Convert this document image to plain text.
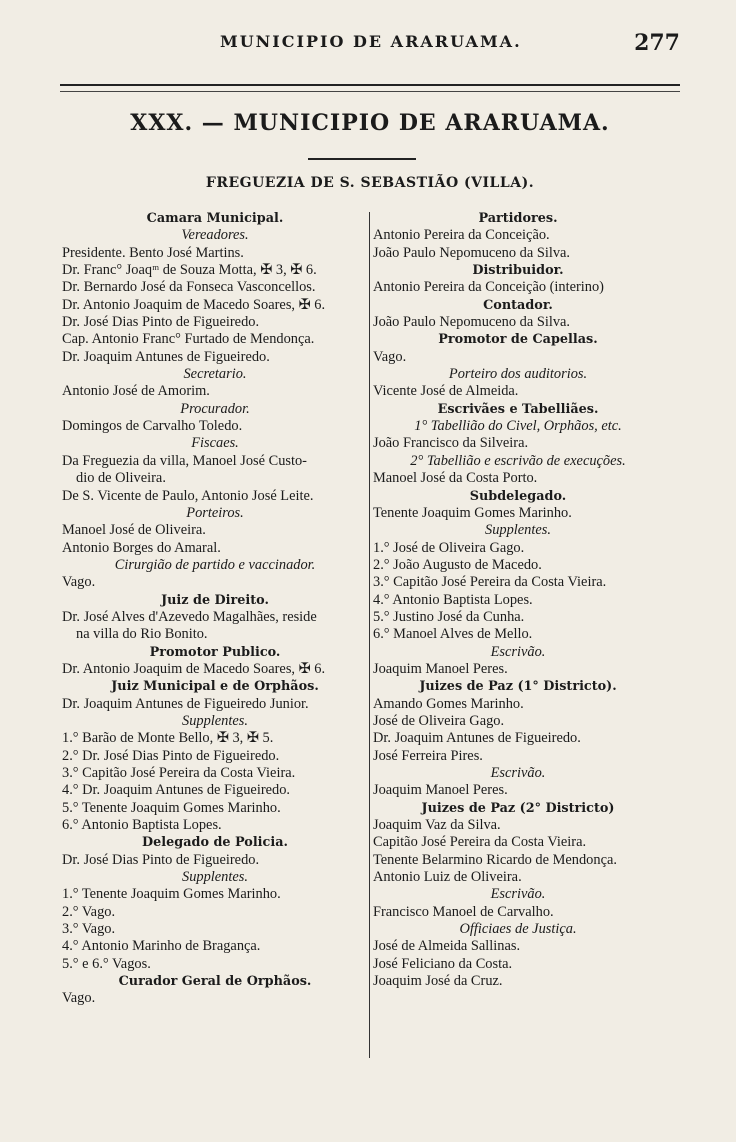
MUNICIPIO DE ARARUAMA.	277
XXX. — MUNICIPIO DE ARARUAMA.
FREGUEZIA DE S. SEBASTIÃO (VILLA).
Camara Municipal.
Vereadores.
Presidente. Bento José Martins.
Dr. Franc° Joaqᵐ de Souza Motta, ✠ 3, ✠ 6.
Dr. Bernardo José da Fonseca Vasconcellos.
Dr. Antonio Joaquim de Macedo Soares, ✠ 6.
Dr. José Dias Pinto de Figueiredo.
Cap. Antonio Franc° Furtado de Mendonça.
Dr. Joaquim Antunes de Figueiredo.
Secretario.
Antonio José de Amorim.
Procurador.
Domingos de Carvalho Toledo.
Fiscaes.
Da Freguezia da villa, Manoel José Custo-
dio de Oliveira.
De S. Vicente de Paulo, Antonio José Leite.
Porteiros.
Manoel José de Oliveira.
Antonio Borges do Amaral.
Cirurgião de partido e vaccinador.
Vago.
Juiz de Direito.
Dr. José Alves d'Azevedo Magalhães, reside
na villa do Rio Bonito.
Promotor Publico.
Dr. Antonio Joaquim de Macedo Soares, ✠ 6.
Juiz Municipal e de Orphãos.
Dr. Joaquim Antunes de Figueiredo Junior.
Supplentes.
1.° Barão de Monte Bello, ✠ 3, ✠ 5.
2.° Dr. José Dias Pinto de Figueiredo.
3.° Capitão José Pereira da Costa Vieira.
4.° Dr. Joaquim Antunes de Figueiredo.
5.° Tenente Joaquim Gomes Marinho.
6.° Antonio Baptista Lopes.
Delegado de Policia.
Dr. José Dias Pinto de Figueiredo.
Supplentes.
1.° Tenente Joaquim Gomes Marinho.
2.° Vago.
3.° Vago.
4.° Antonio Marinho de Bragança.
5.° e 6.° Vagos.
Curador Geral de Orphãos.
Vago.
Partidores.
Antonio Pereira da Conceição.
João Paulo Nepomuceno da Silva.
Distribuidor.
Antonio Pereira da Conceição (interino)
Contador.
João Paulo Nepomuceno da Silva.
Promotor de Capellas.
Vago.
Porteiro dos auditorios.
Vicente José de Almeida.
Escrivães e Tabelliães.
1° Tabellião do Civel, Orphãos, etc.
João Francisco da Silveira.
2° Tabellião e escrivão de execuções.
Manoel José da Costa Porto.
Subdelegado.
Tenente Joaquim Gomes Marinho.
Supplentes.
1.° José de Oliveira Gago.
2.° João Augusto de Macedo.
3.° Capitão José Pereira da Costa Vieira.
4.° Antonio Baptista Lopes.
5.° Justino José da Cunha.
6.° Manoel Alves de Mello.
Escrivão.
Joaquim Manoel Peres.
Juizes de Paz (1° Districto).
Amando Gomes Marinho.
José de Oliveira Gago.
Dr. Joaquim Antunes de Figueiredo.
José Ferreira Pires.
Escrivão.
Joaquim Manoel Peres.
Juizes de Paz (2° Districto)
Joaquim Vaz da Silva.
Capitão José Pereira da Costa Vieira.
Tenente Belarmino Ricardo de Mendonça.
Antonio Luiz de Oliveira.
Escrivão.
Francisco Manoel de Carvalho.
Officiaes de Justiça.
José de Almeida Sallinas.
José Feliciano da Costa.
Joaquim José da Cruz.
